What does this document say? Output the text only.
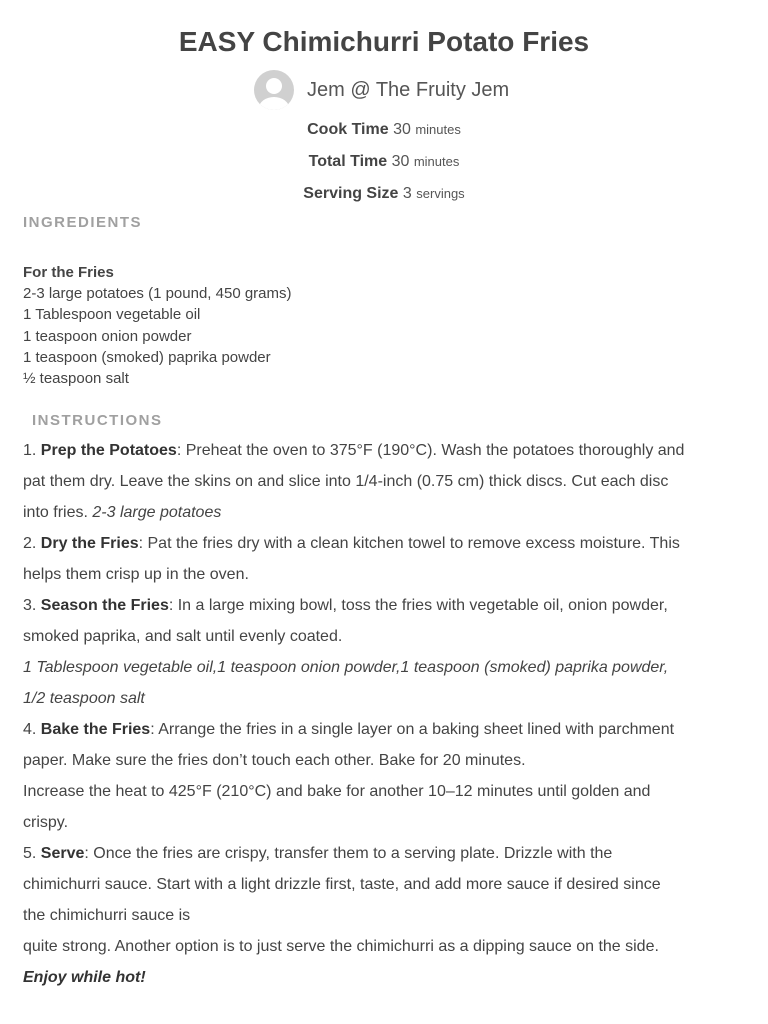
EASY Chimichurri Potato Fries
Jem @ The Fruity Jem
Cook Time 30 minutes
Total Time 30 minutes
Serving Size 3 servings
INGREDIENTS
For the Fries
2-3 large potatoes (1 pound, 450 grams)
1 Tablespoon vegetable oil
1 teaspoon onion powder
1 teaspoon (smoked) paprika powder
½ teaspoon salt
INSTRUCTIONS
1. Prep the Potatoes: Preheat the oven to 375°F (190°C). Wash the potatoes thoroughly and
pat them dry. Leave the skins on and slice into 1/4-inch (0.75 cm) thick discs. Cut each disc
into fries. 2-3 large potatoes
2. Dry the Fries: Pat the fries dry with a clean kitchen towel to remove excess moisture. This
helps them crisp up in the oven.
3. Season the Fries: In a large mixing bowl, toss the fries with vegetable oil, onion powder,
smoked paprika, and salt until evenly coated.
1 Tablespoon vegetable oil,1 teaspoon onion powder,1 teaspoon (smoked) paprika powder,
1/2 teaspoon salt
4. Bake the Fries: Arrange the fries in a single layer on a baking sheet lined with parchment
paper. Make sure the fries don’t touch each other. Bake for 20 minutes.
Increase the heat to 425°F (210°C) and bake for another 10–12 minutes until golden and
crispy.
5. Serve: Once the fries are crispy, transfer them to a serving plate. Drizzle with the
chimichurri sauce. Start with a light drizzle first, taste, and add more sauce if desired since
the chimichurri sauce is
quite strong. Another option is to just serve the chimichurri as a dipping sauce on the side.
Enjoy while hot!
